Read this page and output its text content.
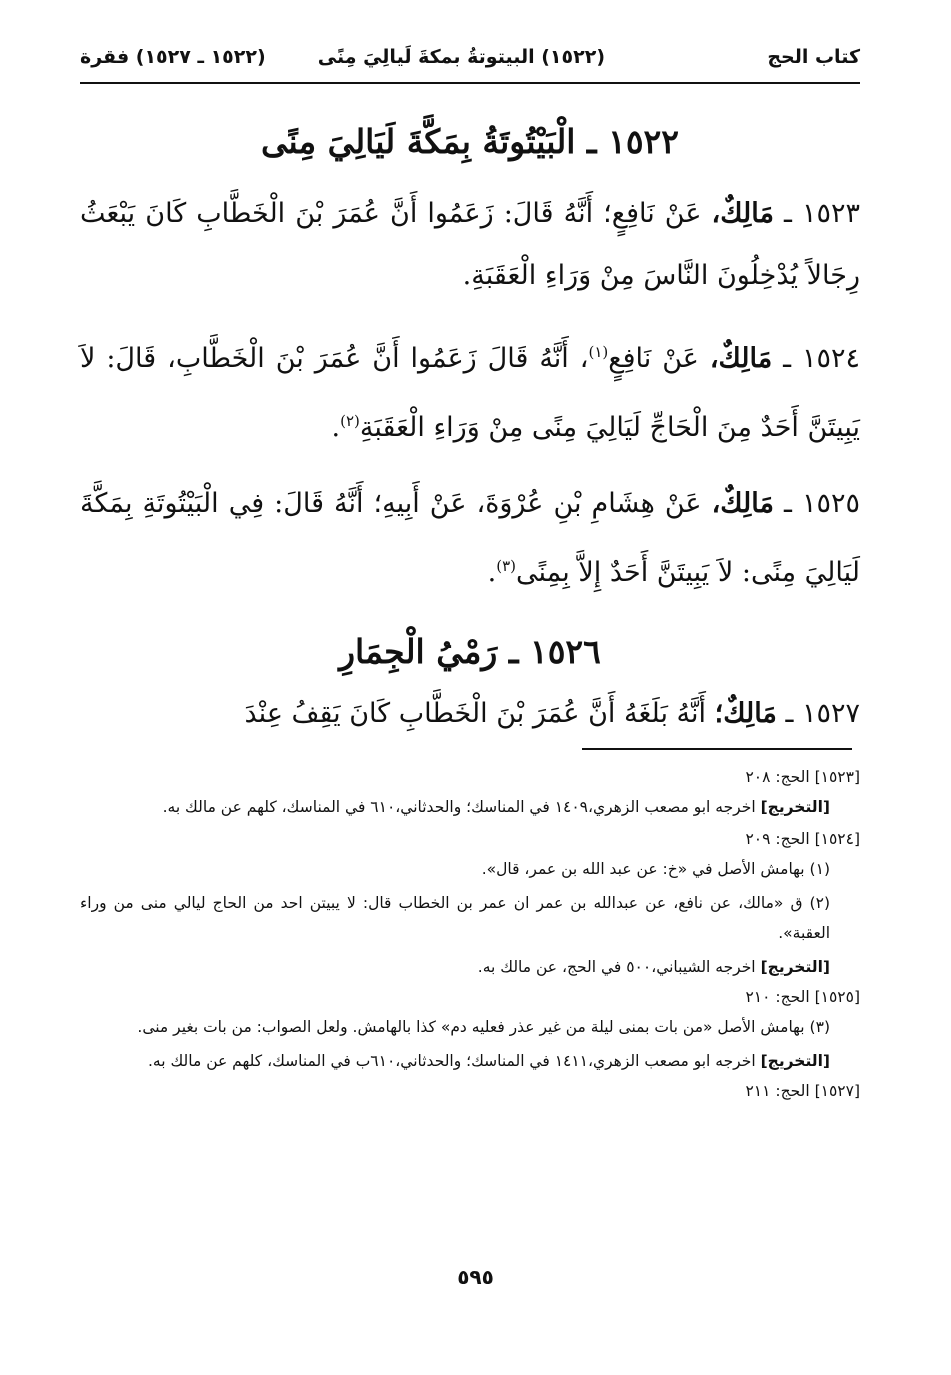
كتاب الحج
(١٥٢٢) البيتوتةُ بمكةَ لَيالِيَ مِنًى
(١٥٢٢ ـ ١٥٢٧) فقرة
١٥٢٢ ـ الْبَيْتُوتَةُ بِمَكَّةَ لَيَالِيَ مِنًى

١٥٢٣ ـ مَالِكٌ، عَنْ نَافِعٍ؛ أَنَّهُ قَالَ: زَعَمُوا أَنَّ عُمَرَ بْنَ الْخَطَّابِ كَانَ يَبْعَثُ رِجَالاً يُدْخِلُونَ النَّاسَ مِنْ وَرَاءِ الْعَقَبَةِ.

١٥٢٤ ـ مَالِكٌ، عَنْ نَافِعٍ$^{(١)}$، أَنَّهُ قَالَ زَعَمُوا أَنَّ عُمَرَ بْنَ الْخَطَّابِ، قَالَ: لاَ يَبِيتَنَّ أَحَدٌ مِنَ الْحَاجِّ لَيَالِيَ مِنًى مِنْ وَرَاءِ الْعَقَبَةِ$^{(٢)}$.

١٥٢٥ ـ مَالِكٌ، عَنْ هِشَامِ بْنِ عُرْوَةَ، عَنْ أَبِيهِ؛ أَنَّهُ قَالَ: فِي الْبَيْتُوتَةِ بِمَكَّةَ لَيَالِيَ مِنًى: لاَ يَبِيتَنَّ أَحَدٌ إِلاَّ بِمِنًى$^{(٣)}$.

١٥٢٦ ـ رَمْيُ الْجِمَارِ

١٥٢٧ ـ مَالِكٌ؛ أَنَّهُ بَلَغَهُ أَنَّ عُمَرَ بْنَ الْخَطَّابِ كَانَ يَقِفُ عِنْدَ

[١٥٢٣] الحج: ٢٠٨

[التخريج] اخرجه ابو مصعب الزهري،١٤٠٩ في المناسك؛ والحدثاني،٦١٠ في المناسك، كلهم عن مالك به.

[١٥٢٤] الحج: ٢٠٩

(١) بهامش الأصل في «خ: عن عبد الله بن عمر، قال».

(٢) ق «مالك، عن نافع، عن عبدالله بن عمر ان عمر بن الخطاب قال: لا يبيتن احد من الحاج ليالي منى من وراء العقبة».

[التخريج] اخرجه الشيباني،٥٠٠ في الحج، عن مالك به.

[١٥٢٥] الحج: ٢١٠

(٣) بهامش الأصل «من بات بمنى ليلة من غير عذر فعليه دم» كذا بالهامش. ولعل الصواب: من بات بغير منى.

[التخريج] اخرجه ابو مصعب الزهري،١٤١١ في المناسك؛ والحدثاني،٦١٠ب في المناسك، كلهم عن مالك به.

[١٥٢٧] الحج: ٢١١

٥٩٥
